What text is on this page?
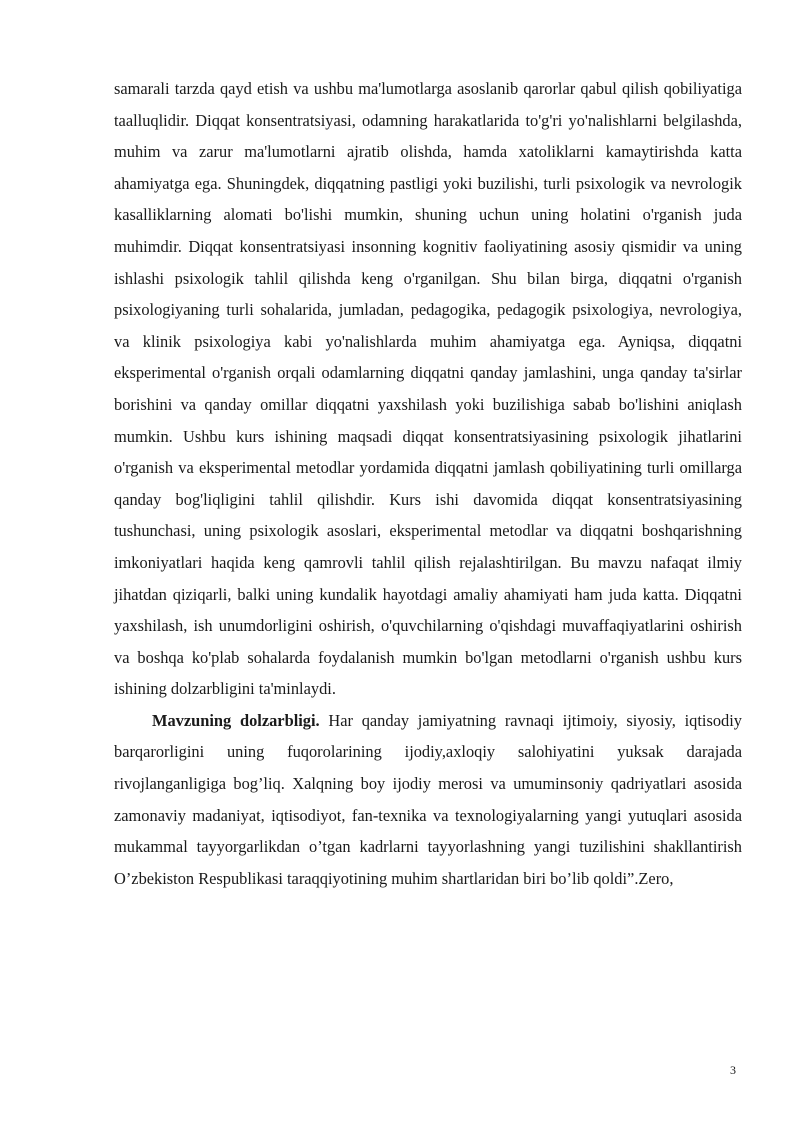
samarali tarzda qayd etish va ushbu ma'lumotlarga asoslanib qarorlar qabul qilish qobiliyatiga taalluqlidir. Diqqat konsentratsiyasi, odamning harakatlarida to'g'ri yo'nalishlarni belgilashda, muhim va zarur ma'lumotlarni ajratib olishda, hamda xatoliklarni kamaytirishda katta ahamiyatga ega. Shuningdek, diqqatning pastligi yoki buzilishi, turli psixologik va nevrologik kasalliklarning alomati bo'lishi mumkin, shuning uchun uning holatini o'rganish juda muhimdir. Diqqat konsentratsiyasi insonning kognitiv faoliyatining asosiy qismidir va uning ishlashi psixologik tahlil qilishda keng o'rganilgan. Shu bilan birga, diqqatni o'rganish psixologiyaning turli sohalarida, jumladan, pedagogika, pedagogik psixologiya, nevrologiya, va klinik psixologiya kabi yo'nalishlarda muhim ahamiyatga ega. Ayniqsa, diqqatni eksperimental o'rganish orqali odamlarning diqqatni qanday jamlashini, unga qanday ta'sirlar borishini va qanday omillar diqqatni yaxshilash yoki buzilishiga sabab bo'lishini aniqlash mumkin. Ushbu kurs ishining maqsadi diqqat konsentratsiyasining psixologik jihatlarini o'rganish va eksperimental metodlar yordamida diqqatni jamlash qobiliyatining turli omillarga qanday bog'liqligini tahlil qilishdir. Kurs ishi davomida diqqat konsentratsiyasining tushunchasi, uning psixologik asoslari, eksperimental metodlar va diqqatni boshqarishning imkoniyatlari haqida keng qamrovli tahlil qilish rejalashtirilgan. Bu mavzu nafaqat ilmiy jihatdan qiziqarli, balki uning kundalik hayotdagi amaliy ahamiyati ham juda katta. Diqqatni yaxshilash, ish unumdorligini oshirish, o'quvchilarning o'qishdagi muvaffaqiyatlarini oshirish va boshqa ko'plab sohalarda foydalanish mumkin bo'lgan metodlarni o'rganish ushbu kurs ishining dolzarbligini ta'minlaydi.

Mavzuning dolzarbligi. Har qanday jamiyatning ravnaqi ijtimoiy, siyosiy, iqtisodiy barqarorligini uning fuqorolarining ijodiy,axloqiy salohiyatini yuksak darajada rivojlanganligiga bog’liq. Xalqning boy ijodiy merosi va umuminsoniy qadriyatlari asosida zamonaviy madaniyat, iqtisodiyot, fan-texnika va texnologiyalarning yangi yutuqlari asosida mukammal tayyorgarlikdan o’tgan kadrlarni tayyorlashning yangi tuzilishini shakllantirish O’zbekiston Respublikasi taraqqiyotining muhim shartlaridan biri bo’lib qoldi”.Zero,

3
